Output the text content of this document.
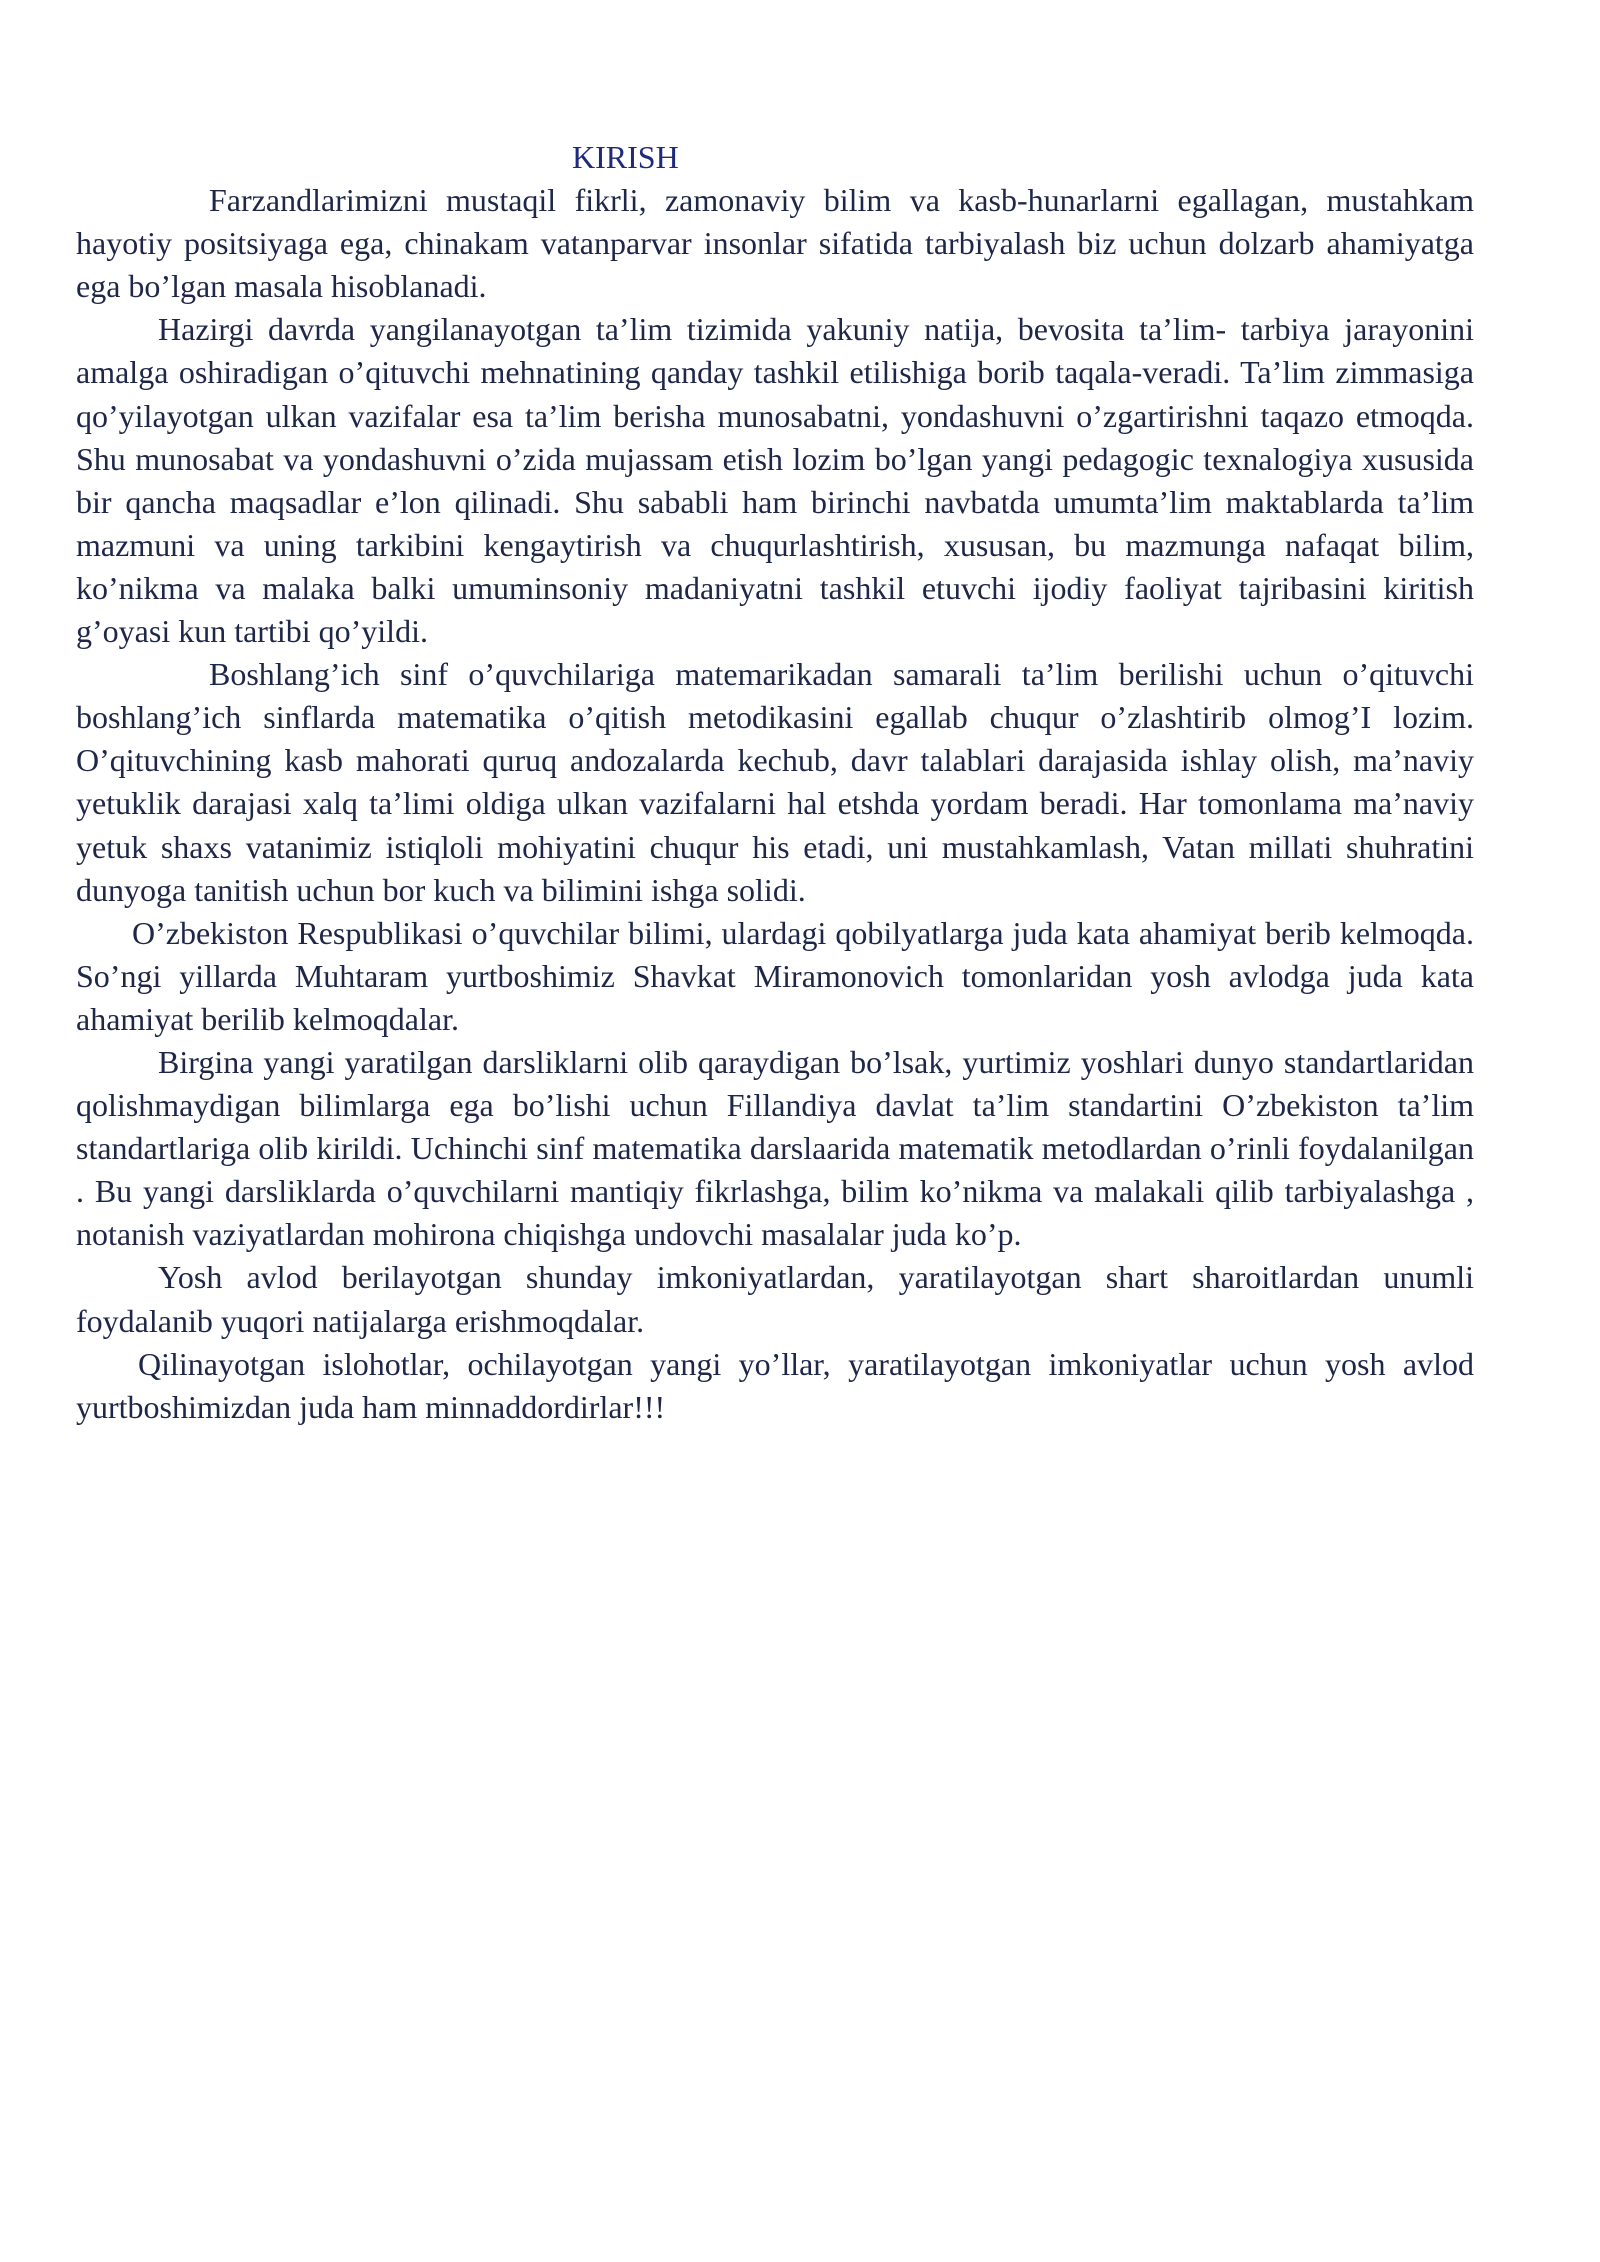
KIRISH

Farzandlarimizni mustaqil fikrli, zamonaviy bilim va kasb-hunarlarni egallagan, mustahkam hayotiy positsiyaga ega, chinakam vatanparvar insonlar sifatida tarbiyalash biz uchun dolzarb ahamiyatga ega bo’lgan masala hisoblanadi.

Hazirgi davrda yangilanayotgan ta’lim tizimida yakuniy natija, bevosita ta’lim- tarbiya jarayonini amalga oshiradigan o’qituvchi mehnatining qanday tashkil etilishiga borib taqala-veradi. Ta’lim zimmasiga qo’yilayotgan ulkan vazifalar esa ta’lim berisha munosabatni, yondashuvni o’zgartirishni taqazo etmoqda. Shu munosabat va yondashuvni o’zida mujassam etish lozim bo’lgan yangi pedagogic texnalogiya xususida bir qancha maqsadlar e’lon qilinadi. Shu sababli ham birinchi navbatda umumta’lim maktablarda ta’lim mazmuni va uning tarkibini kengaytirish va chuqurlashtirish, xususan, bu mazmunga nafaqat bilim, ko’nikma va malaka balki umuminsoniy madaniyatni tashkil etuvchi ijodiy faoliyat tajribasini kiritish g’oyasi kun tartibi qo’yildi.

Boshlang’ich sinf o’quvchilariga matemarikadan samarali ta’lim berilishi uchun o’qituvchi boshlang’ich sinflarda matematika o’qitish metodikasini egallab chuqur o’zlashtirib olmog’I lozim. O’qituvchining kasb mahorati quruq andozalarda kechub, davr talablari darajasida ishlay olish, ma’naviy yetuklik darajasi xalq ta’limi oldiga ulkan vazifalarni hal etshda yordam beradi. Har tomonlama ma’naviy yetuk shaxs vatanimiz istiqloli mohiyatini chuqur his etadi, uni mustahkamlash, Vatan millati shuhratini dunyoga tanitish uchun bor kuch va bilimini ishga solidi.

O’zbekiston Respublikasi o’quvchilar bilimi, ulardagi qobilyatlarga juda kata ahamiyat berib kelmoqda. So’ngi yillarda Muhtaram yurtboshimiz Shavkat Miramonovich tomonlaridan yosh avlodga juda kata ahamiyat berilib kelmoqdalar.

Birgina yangi yaratilgan darsliklarni olib qaraydigan bo’lsak, yurtimiz yoshlari dunyo standartlaridan qolishmaydigan bilimlarga ega bo’lishi uchun Fillandiya davlat ta’lim standartini O’zbekiston ta’lim standartlariga olib kirildi. Uchinchi sinf matematika darslaarida matematik metodlardan o’rinli foydalanilgan . Bu yangi darsliklarda o’quvchilarni mantiqiy fikrlashga, bilim ko’nikma va malakali qilib tarbiyalashga , notanish vaziyatlardan mohirona chiqishga undovchi masalalar juda ko’p.

Yosh avlod berilayotgan shunday imkoniyatlardan, yaratilayotgan shart sharoitlardan unumli foydalanib yuqori natijalarga erishmoqdalar.

Qilinayotgan islohotlar, ochilayotgan yangi yo’llar, yaratilayotgan imkoniyatlar uchun yosh avlod yurtboshimizdan juda ham minnaddordirlar!!!
